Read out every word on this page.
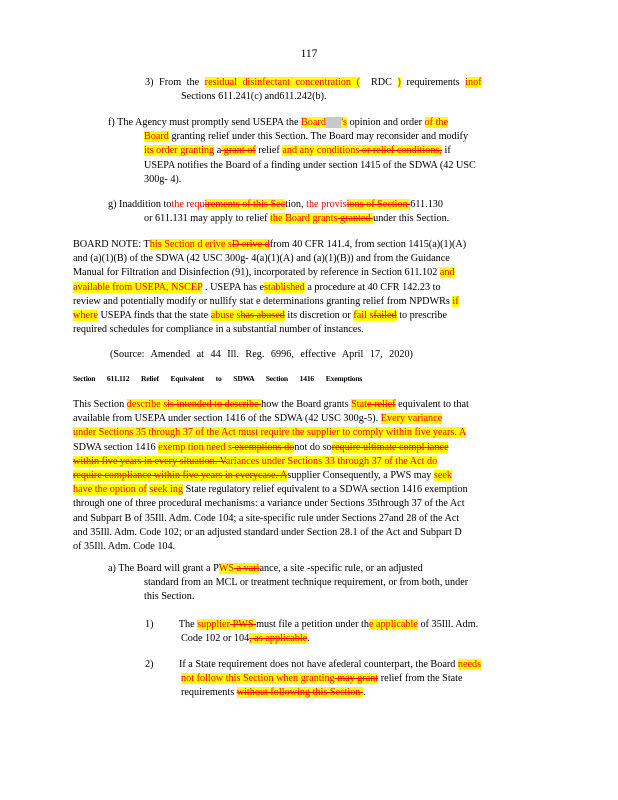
117
3) From the residual disinfectant concentration ( RDC ) requirements inof
Sections 611.241(c) and611.242(b).
f) The Agency must promptly send USEPA the Board 's opinion and order of the
Board granting relief under this Section. The Board may reconsider and modify
its order granting a grant of relief and any conditions or relief conditions, if
USEPA notifies the Board of a finding under section 1415 of the SDWA (42 USC
300g- 4).
g) Inaddition tothe requirements of this Section, the provisions of Section 611.130
or 611.131 may apply to relief the Board grants granted under this Section.
BOARD NOTE: This Section d erive sD erive dfrom 40 CFR 141.4, from section 1415(a)(1)(A)
and (a)(1)(B) of the SDWA (42 USC 300g- 4(a)(1)(A) and (a)(1)(B)) and from the Guidance
Manual for Filtration and Disinfection (91), incorporated by reference in Section 611.102 and
available from USEPA, NSCEP . USEPA has established a procedure at 40 CFR 142.23 to
review and potentially modify or nullify stat e determinations granting relief from NPDWRs if
where USEPA finds that the state abuse shas abused its discretion or fail sfailed to prescribe
required schedules for compliance in a substantial number of instances.
(Source: Amended at 44 Ill. Reg. 6996, effective April 17, 2020)
Section 611.112 Relief Equivalent to SDWA Section 1416 Exemptions
This Section describe sis intended to describe how the Board grants State relief equivalent to that
available from USEPA under section 1416 of the SDWA (42 USC 300g-5). Every variance
under Sections 35 through 37 of the Act must require the supplier to comply within five years. A
SDWA section 1416 exemp tion need s exemptions donot do sorequire ultimate compl iance
within five years in every situation. Variances under Sections 33 through 37 of the Act do
require compliance within five years in everycase. Asupplier Consequently, a PWS may seek
have the option of seek ing State regulatory relief equivalent to a SDWA section 1416 exemption
through one of three procedural mechanisms: a variance under Sections 35through 37 of the Act
and Subpart B of 35Ill. Adm. Code 104; a site-specific rule under Sections 27and 28 of the Act
and 35Ill. Adm. Code 102; or an adjusted standard under Section 28.1 of the Act and Subpart D
of 35Ill. Adm. Code 104.
a) The Board will grant a PWS a variance, a site -specific rule, or an adjusted
standard from an MCL or treatment technique requirement, or from both, under
this Section.
1) The supplier PWS must file a petition under the applicable of 35Ill. Adm.
Code 102 or 104, as applicable.
2) If a State requirement does not have afederal counterpart, the Board needs
not follow this Section when granting may grant relief from the State
requirements without following this Section .
